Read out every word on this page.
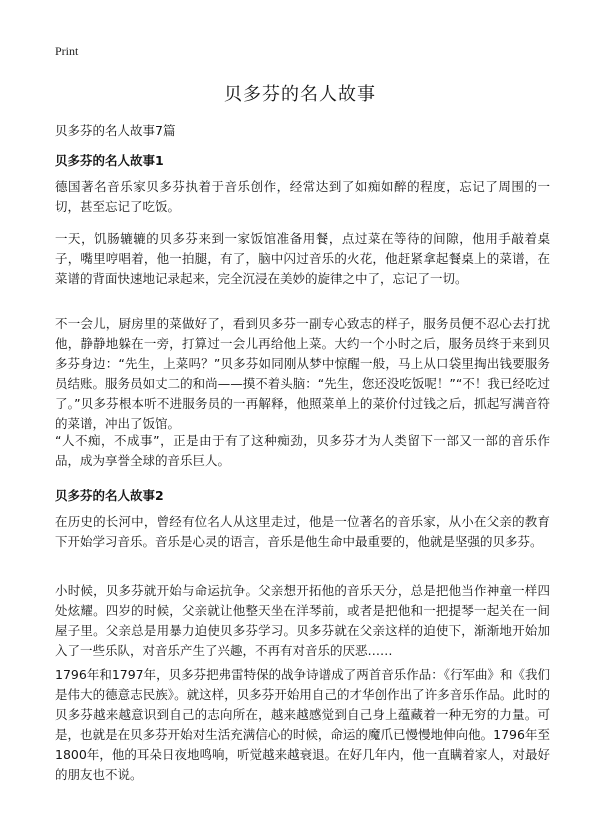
Print
贝多芬的名人故事
贝多芬的名人故事7篇
贝多芬的名人故事1
德国著名音乐家贝多芬执着于音乐创作，经常达到了如痴如醉的程度，忘记了周围的一切，甚至忘记了吃饭。
一天，饥肠辘辘的贝多芬来到一家饭馆准备用餐，点过菜在等待的间隙，他用手敲着桌子，嘴里哼唱着，他一拍腿，有了，脑中闪过音乐的火花，他赶紧拿起餐桌上的菜谱，在菜谱的背面快速地记录起来，完全沉浸在美妙的旋律之中了，忘记了一切。
不一会儿，厨房里的菜做好了，看到贝多芬一副专心致志的样子，服务员便不忍心去打扰他，静静地躲在一旁，打算过一会儿再给他上菜。大约一个小时之后，服务员终于来到贝多芬身边：“先生，上菜吗？”贝多芬如同刚从梦中惊醒一般，马上从口袋里掏出钱要服务员结账。服务员如丈二的和尚——摸不着头脑：“先生，您还没吃饭呢！”“不！我已经吃过了。”贝多芬根本听不进服务员的一再解释，他照菜单上的菜价付过钱之后，抓起写满音符的菜谱，冲出了饭馆。
“人不痴，不成事”，正是由于有了这种痴劲，贝多芬才为人类留下一部又一部的音乐作品，成为享誉全球的音乐巨人。
贝多芬的名人故事2
在历史的长河中，曾经有位名人从这里走过，他是一位著名的音乐家，从小在父亲的教育下开始学习音乐。音乐是心灵的语言，音乐是他生命中最重要的，他就是坚强的贝多芬。
小时候，贝多芬就开始与命运抗争。父亲想开拓他的音乐天分，总是把他当作神童一样四处炫耀。四岁的时候，父亲就让他整天坐在洋琴前，或者是把他和一把提琴一起关在一间屋子里。父亲总是用暴力迫使贝多芬学习。贝多芬就在父亲这样的迫使下，渐渐地开始加入了一些乐队，对音乐产生了兴趣，不再有对音乐的厌恶……
1796年和1797年，贝多芬把弗雷特保的战争诗谱成了两首音乐作品：《行军曲》和《我们是伟大的德意志民族》。就这样，贝多芬开始用自己的才华创作出了许多音乐作品。此时的贝多芬越来越意识到自己的志向所在，越来越感觉到自己身上蕴藏着一种无穷的力量。可是，也就是在贝多芬开始对生活充满信心的时候，命运的魔爪已慢慢地伸向他。1796年至1800年，他的耳朵日夜地鸣响，听觉越来越衰退。在好几年内，他一直瞒着家人，对最好的朋友也不说。
